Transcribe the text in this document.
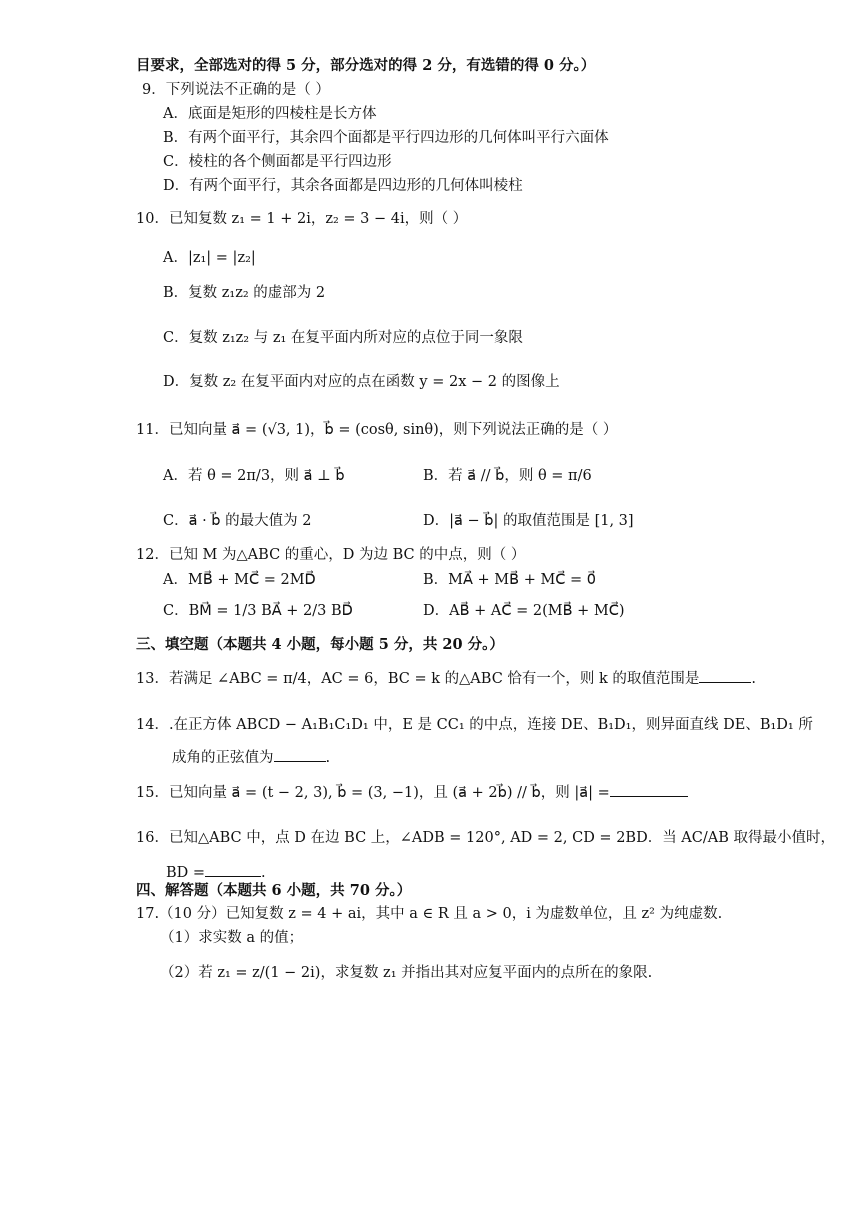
目要求，全部选对的得 5 分，部分选对的得 2 分，有选错的得 0 分。）
9．下列说法不正确的是（ ）
A．底面是矩形的四棱柱是长方体
B．有两个面平行，其余四个面都是平行四边形的几何体叫平行六面体
C．棱柱的各个侧面都是平行四边形
D．有两个面平行，其余各面都是四边形的几何体叫棱柱
10．已知复数 z₁ = 1 + 2i，z₂ = 3 − 4i，则（ ）
A．|z₁| = |z₂|
B．复数 z₁z₂ 的虚部为 2
C．复数 z₁z₂ 与 z₁ 在复平面内所对应的点位于同一象限
D．复数 z₂ 在复平面内对应的点在函数 y = 2x − 2 的图像上
11．已知向量 a⃗ = (√3, 1)，b⃗ = (cosθ, sinθ)，则下列说法正确的是（ ）
A．若 θ = 2π/3，则 a⃗ ⊥ b⃗	B．若 a⃗ // b⃗，则 θ = π/6
C．a⃗ · b⃗ 的最大值为 2	D．|a⃗ − b⃗| 的取值范围是 [1, 3]
12．已知 M 为△ABC 的重心，D 为边 BC 的中点，则（ ）
A．MB⃗ + MC⃗ = 2MD⃗	B．MA⃗ + MB⃗ + MC⃗ = 0⃗
C．BM⃗ = 1/3 BA⃗ + 2/3 BD⃗	D．AB⃗ + AC⃗ = 2(MB⃗ + MC⃗)
三、填空题（本题共 4 小题，每小题 5 分，共 20 分。）
13．若满足 ∠ABC = π/4，AC = 6，BC = k 的△ABC 恰有一个，则 k 的取值范围是	.
14．.在正方体 ABCD − A₁B₁C₁D₁ 中，E 是 CC₁ 的中点，连接 DE、B₁D₁，则异面直线 DE、B₁D₁ 所
成角的正弦值为	.
15．已知向量 a⃗ = (t − 2, 3), b⃗ = (3, −1)，且 (a⃗ + 2b⃗) // b⃗，则 |a⃗| =
16．已知△ABC 中，点 D 在边 BC 上，∠ADB = 120°, AD = 2, CD = 2BD．当 AC/AB 取得最小值时，
BD =	.
四、解答题（本题共 6 小题，共 70 分。）
17.（10 分）已知复数 z = 4 + ai，其中 a ∈ R 且 a > 0，i 为虚数单位，且 z² 为纯虚数.
（1）求实数 a 的值；
（2）若 z₁ = z/(1 − 2i)，求复数 z₁ 并指出其对应复平面内的点所在的象限.
